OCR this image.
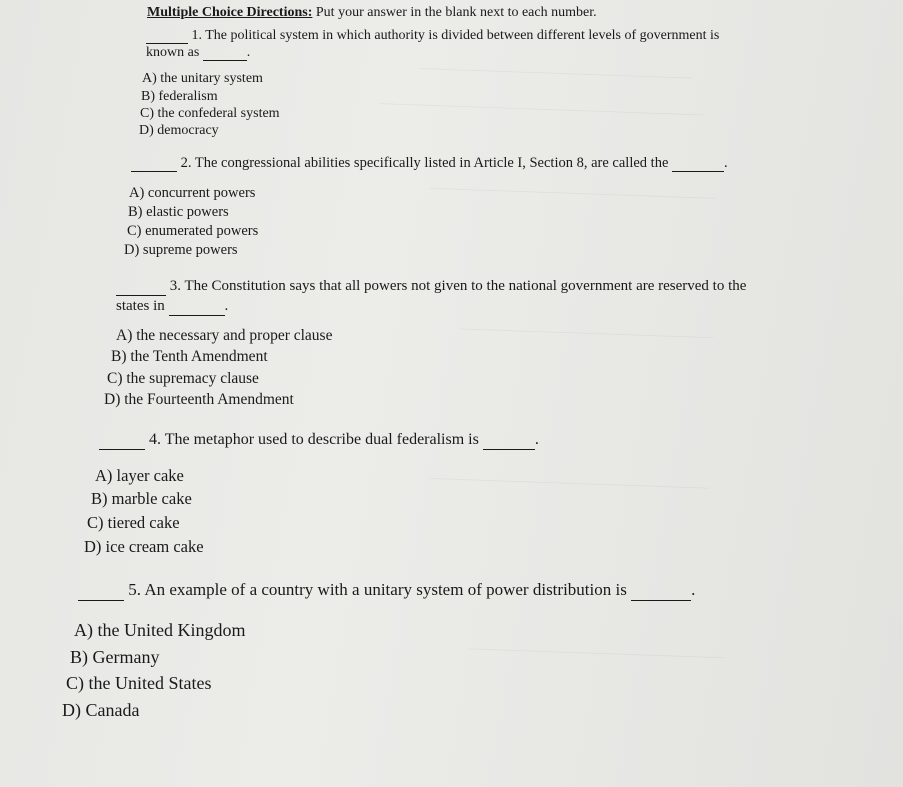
__________________________________________
__________________________________________________
____________________________________________
_______________________________________
___________________________________________
_______________________________________
Multiple Choice Directions: Put your answer in the blank next to each number.
1. The political system in which authority is divided between different levels of government is
known as	.
A) the unitary system
B) federalism
C) the confederal system
D) democracy
2. The congressional abilities specifically listed in Article I, Section 8, are called the	.
A) concurrent powers
B) elastic powers
C) enumerated powers
D) supreme powers
3. The Constitution says that all powers not given to the national government are reserved to the
states in	.
A) the necessary and proper clause
B) the Tenth Amendment
C) the supremacy clause
D) the Fourteenth Amendment
4. The metaphor used to describe dual federalism is	.
A) layer cake
B) marble cake
C) tiered cake
D) ice cream cake
5. An example of a country with a unitary system of power distribution is	.
A) the United Kingdom
B) Germany
C) the United States
D) Canada
